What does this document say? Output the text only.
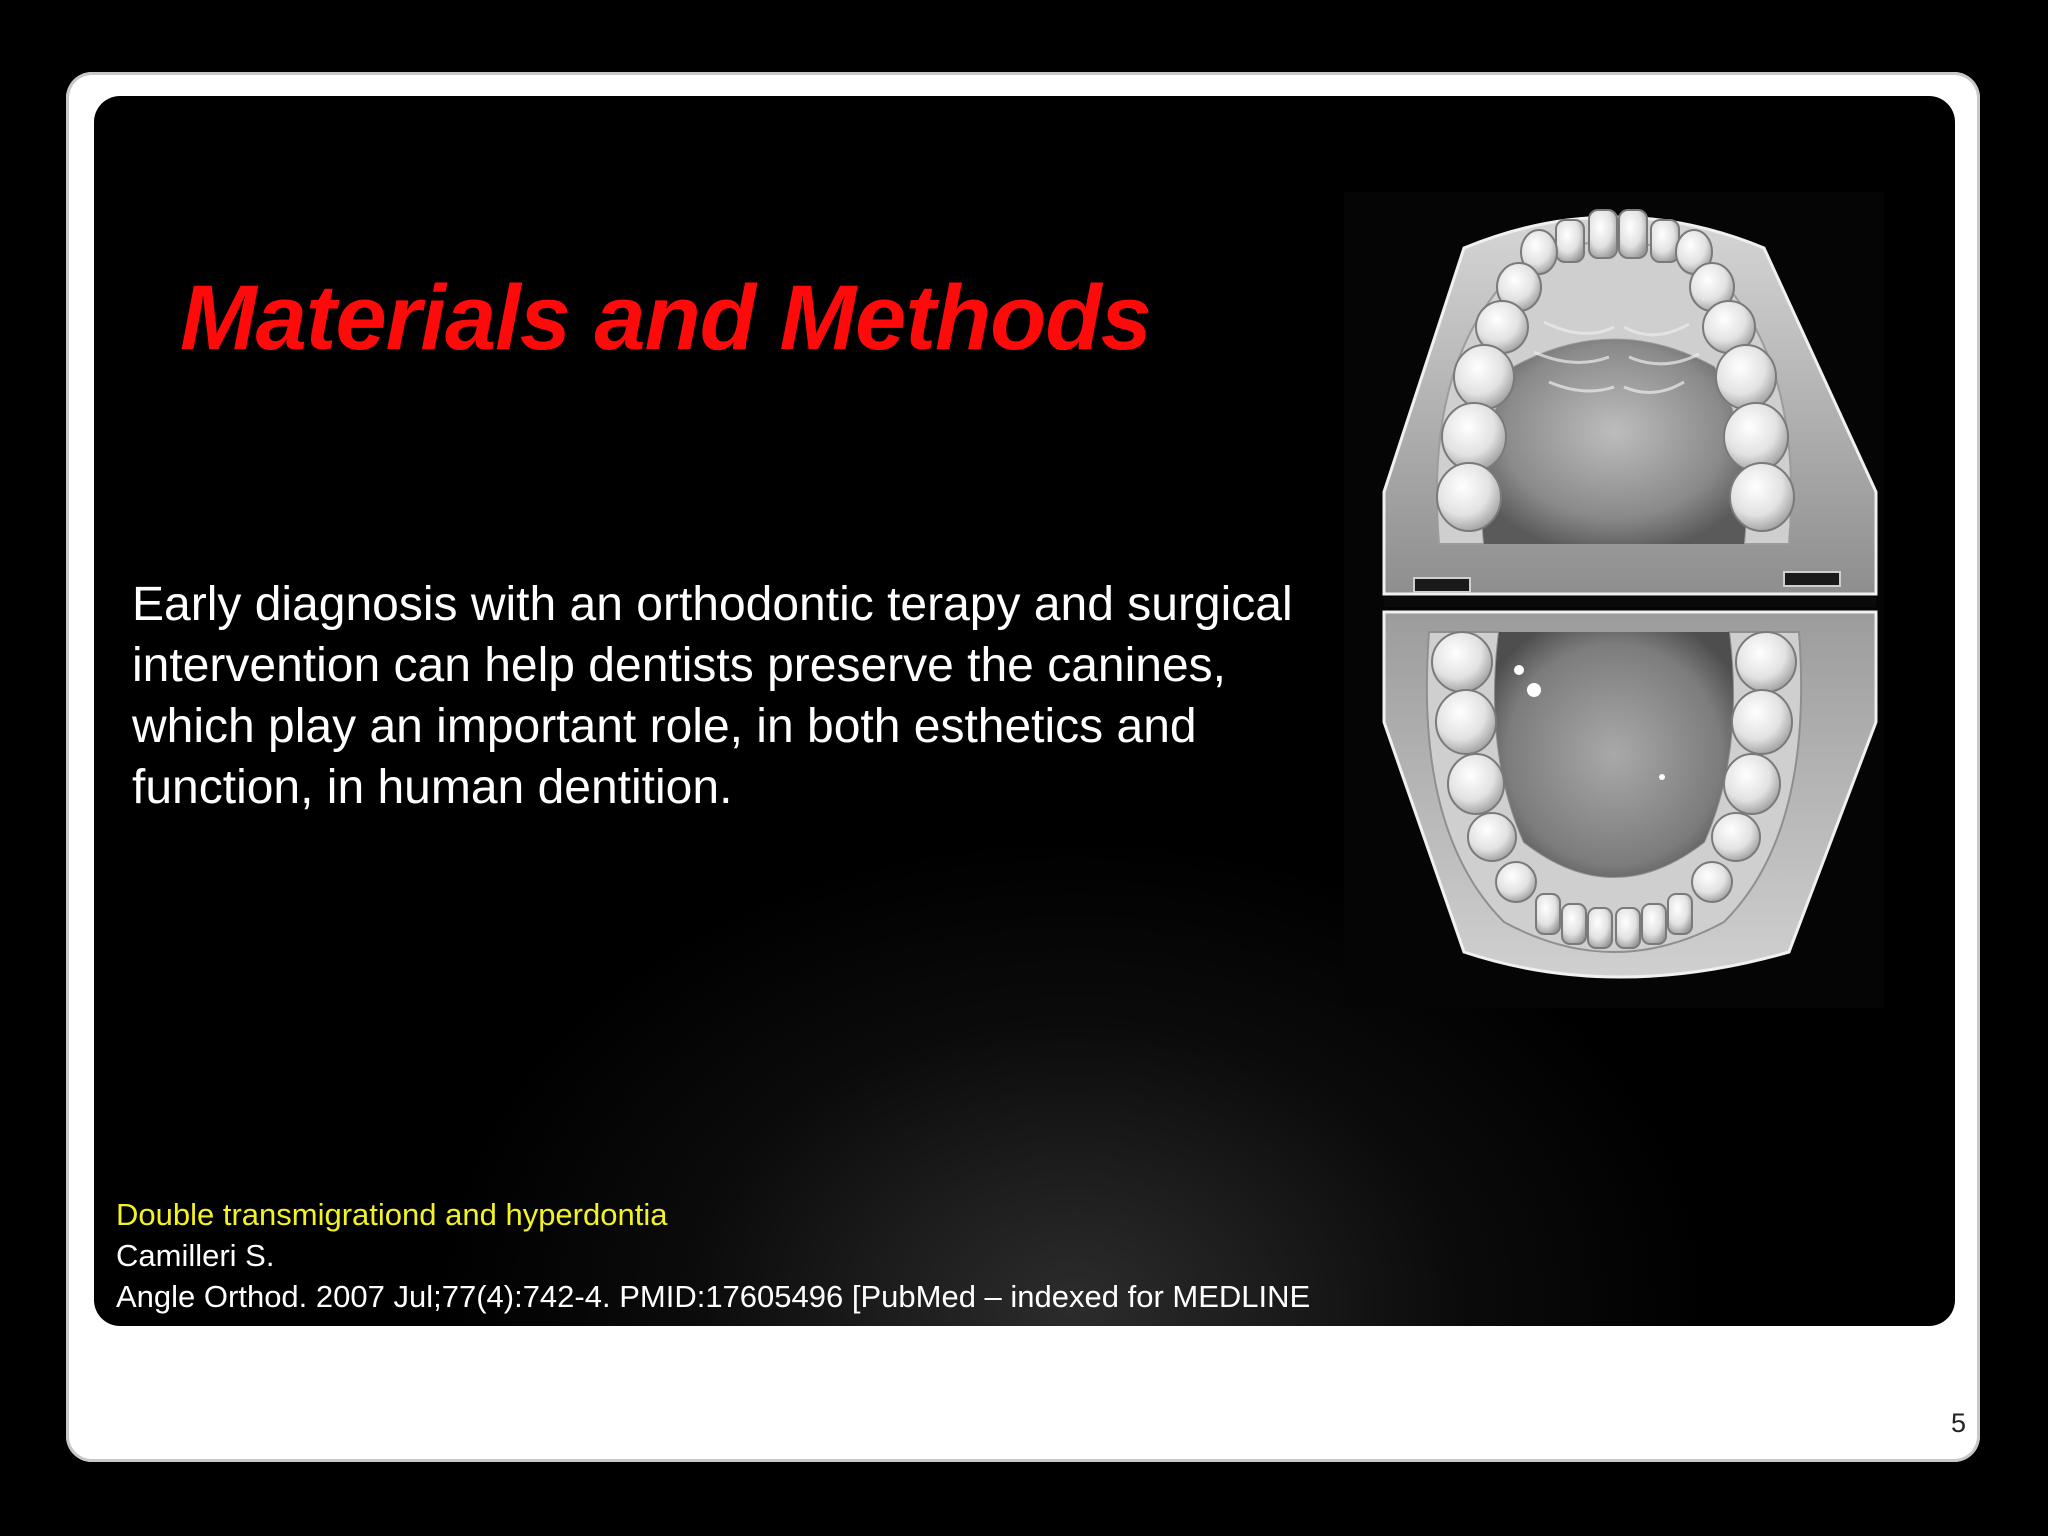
Materials and Methods

Early diagnosis with an orthodontic terapy and surgical intervention can help dentists preserve the canines, which play an important role, in both esthetics and function, in human dentition.

Double transmigrationd and hyperdontia
Camilleri S.
Angle Orthod. 2007 Jul;77(4):742-4. PMID:17605496 [PubMed – indexed for MEDLINE
5
